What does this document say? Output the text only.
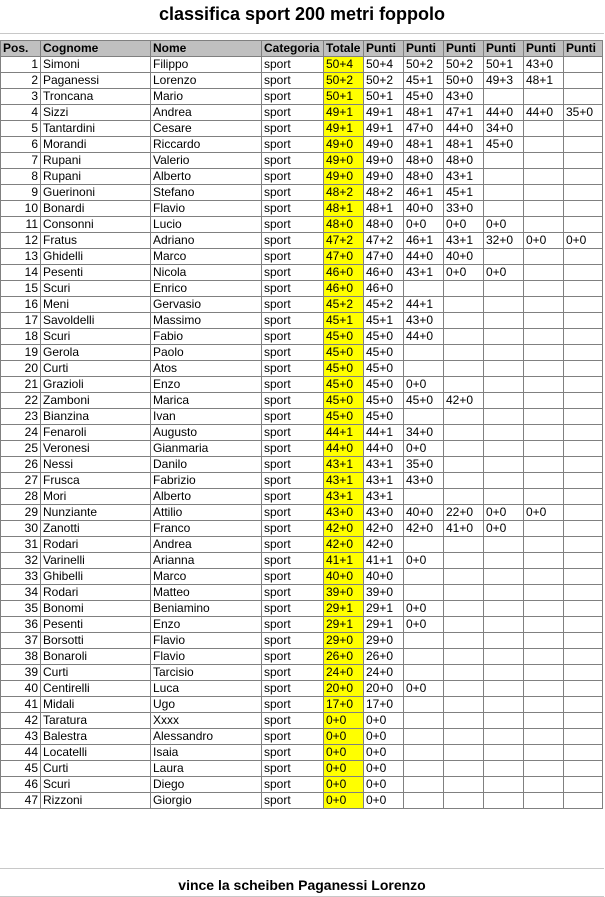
classifica sport 200 metri foppolo
Pos.	Cognome	Nome	Categoria	Totale	Punti	Punti	Punti	Punti	Punti	Punti
1	Simoni	Filippo	sport	50+4	50+4	50+2	50+2	50+1	43+0	
2	Paganessi	Lorenzo	sport	50+2	50+2	45+1	50+0	49+3	48+1	
3	Troncana	Mario	sport	50+1	50+1	45+0	43+0			
4	Sizzi	Andrea	sport	49+1	49+1	48+1	47+1	44+0	44+0	35+0
5	Tantardini	Cesare	sport	49+1	49+1	47+0	44+0	34+0		
6	Morandi	Riccardo	sport	49+0	49+0	48+1	48+1	45+0		
7	Rupani	Valerio	sport	49+0	49+0	48+0	48+0			
8	Rupani	Alberto	sport	49+0	49+0	48+0	43+1			
9	Guerinoni	Stefano	sport	48+2	48+2	46+1	45+1			
10	Bonardi	Flavio	sport	48+1	48+1	40+0	33+0			
11	Consonni	Lucio	sport	48+0	48+0	0+0	0+0	0+0		
12	Fratus	Adriano	sport	47+2	47+2	46+1	43+1	32+0	0+0	0+0
13	Ghidelli	Marco	sport	47+0	47+0	44+0	40+0			
14	Pesenti	Nicola	sport	46+0	46+0	43+1	0+0	0+0		
15	Scuri	Enrico	sport	46+0	46+0					
16	Meni	Gervasio	sport	45+2	45+2	44+1				
17	Savoldelli	Massimo	sport	45+1	45+1	43+0				
18	Scuri	Fabio	sport	45+0	45+0	44+0				
19	Gerola	Paolo	sport	45+0	45+0					
20	Curti	Atos	sport	45+0	45+0					
21	Grazioli	Enzo	sport	45+0	45+0	0+0				
22	Zamboni	Marica	sport	45+0	45+0	45+0	42+0			
23	Bianzina	Ivan	sport	45+0	45+0					
24	Fenaroli	Augusto	sport	44+1	44+1	34+0				
25	Veronesi	Gianmaria	sport	44+0	44+0	0+0				
26	Nessi	Danilo	sport	43+1	43+1	35+0				
27	Frusca	Fabrizio	sport	43+1	43+1	43+0				
28	Mori	Alberto	sport	43+1	43+1					
29	Nunziante	Attilio	sport	43+0	43+0	40+0	22+0	0+0	0+0	
30	Zanotti	Franco	sport	42+0	42+0	42+0	41+0	0+0		
31	Rodari	Andrea	sport	42+0	42+0					
32	Varinelli	Arianna	sport	41+1	41+1	0+0				
33	Ghibelli	Marco	sport	40+0	40+0					
34	Rodari	Matteo	sport	39+0	39+0					
35	Bonomi	Beniamino	sport	29+1	29+1	0+0				
36	Pesenti	Enzo	sport	29+1	29+1	0+0				
37	Borsotti	Flavio	sport	29+0	29+0					
38	Bonaroli	Flavio	sport	26+0	26+0					
39	Curti	Tarcisio	sport	24+0	24+0					
40	Centirelli	Luca	sport	20+0	20+0	0+0				
41	Midali	Ugo	sport	17+0	17+0					
42	Taratura	Xxxx	sport	0+0	0+0					
43	Balestra	Alessandro	sport	0+0	0+0					
44	Locatelli	Isaia	sport	0+0	0+0					
45	Curti	Laura	sport	0+0	0+0					
46	Scuri	Diego	sport	0+0	0+0					
47	Rizzoni	Giorgio	sport	0+0	0+0					
vince la scheiben Paganessi Lorenzo
